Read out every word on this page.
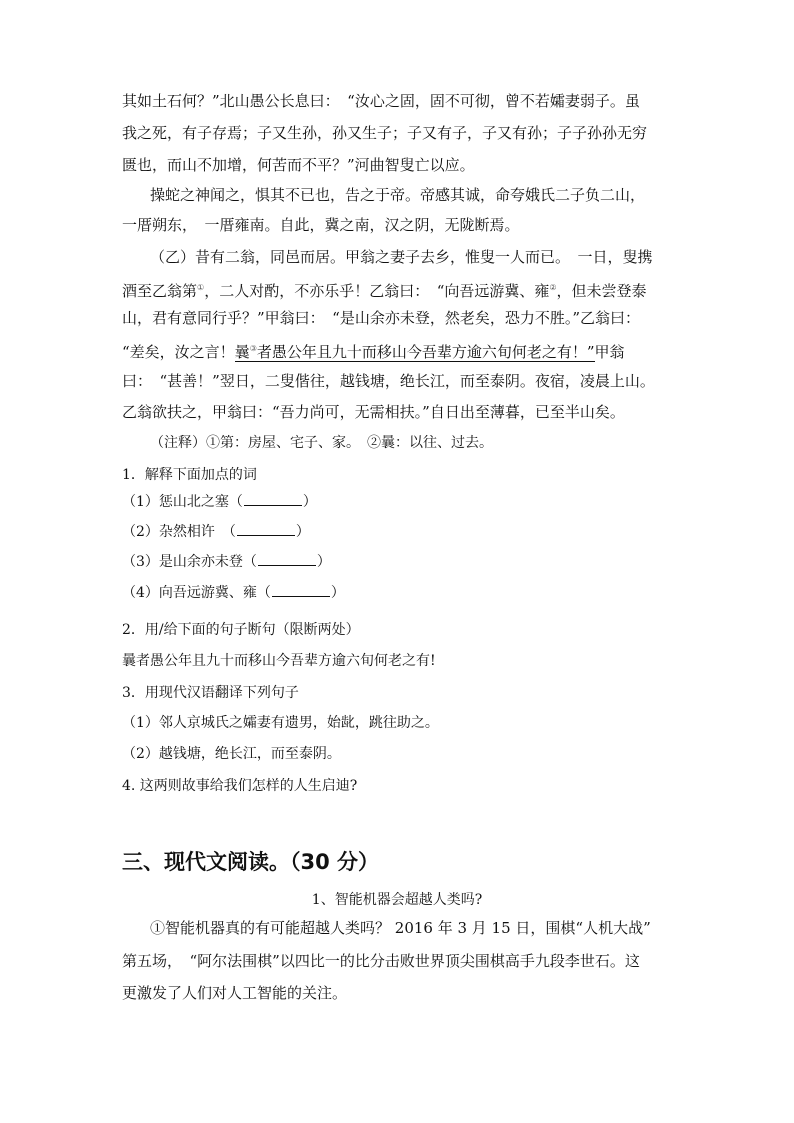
其如土石何？”北山愚公长息曰：　“汝心之固，固不可彻，曾不若孀妻弱子。虽
我之死，有子存焉；子又生孙，孙又生子；子又有子，子又有孙；子子孙孙无穷
匮也，而山不加增，何苦而不平？”河曲智叟亡以应。
操蛇之神闻之，惧其不已也，告之于帝。帝感其诚，命夸娥氏二子负二山，
一厝朔东，　一厝雍南。自此，冀之南，汉之阴，无陇断焉。
（乙）昔有二翁，同邑而居。甲翁之妻子去乡，惟叟一人而已。　一日，叟携
酒至乙翁第①，二人对酌，不亦乐乎！乙翁曰：　“向吾远游冀、雍②，但未尝登泰
山，君有意同行乎？”甲翁曰：　“是山余亦未登，然老矣，恐力不胜。”乙翁曰：
“差矣，汝之言！曩③者愚公年且九十而移山今吾辈方逾六旬何老之有！”甲翁
曰：　“甚善！”翌日，二叟偕往，越钱塘，绝长江，而至泰阴。夜宿，凌晨上山。
乙翁欲扶之，甲翁曰：“吾力尚可，无需相扶。”自日出至薄暮，已至半山矣。
（注释）①第：房屋、宅子、家。　②曩：以往、过去。
1．解释下面加点的词
（1）惩山北之塞（	）
（2）杂然相许　（	）
（3）是山余亦未登（	）
（4）向吾远游冀、雍（	）
2．用/给下面的句子断句（限断两处）
曩者愚公年且九十而移山今吾辈方逾六旬何老之有!
3．用现代汉语翻译下列句子
（1）邻人京城氏之孀妻有遗男，始龀，跳往助之。
（2）越钱塘，绝长江，而至泰阴。
4. 这两则故事给我们怎样的人生启迪?
三、现代文阅读。（30 分）
1、智能机器会超越人类吗?
①智能机器真的有可能超越人类吗？ 2016 年 3 月 15 日，围棋“人机大战”
第五场，　“阿尔法围棋”以四比一的比分击败世界顶尖围棋高手九段李世石。这
更激发了人们对人工智能的关注。
